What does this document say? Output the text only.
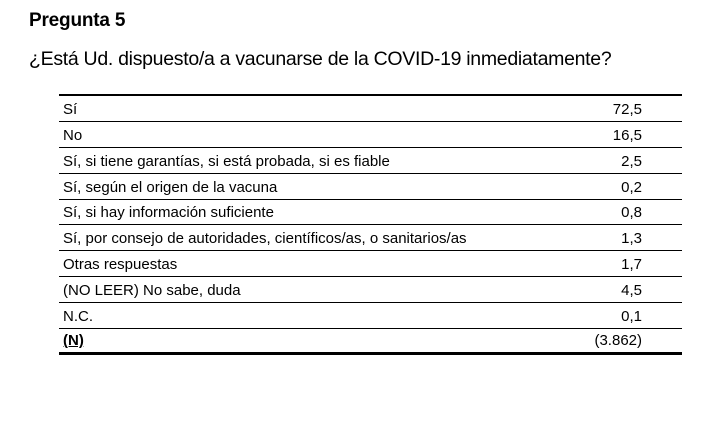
Pregunta 5
¿Está Ud. dispuesto/a a vacunarse de la COVID-19 inmediatamente?
Sí	72,5
No	16,5
Sí, si tiene garantías, si está probada, si es fiable	2,5
Sí, según el origen de la vacuna	0,2
Sí, si hay información suficiente	0,8
Sí, por consejo de autoridades, científicos/as, o sanitarios/as	1,3
Otras respuestas	1,7
(NO LEER) No sabe, duda	4,5
N.C.	0,1
(N)	(3.862)
